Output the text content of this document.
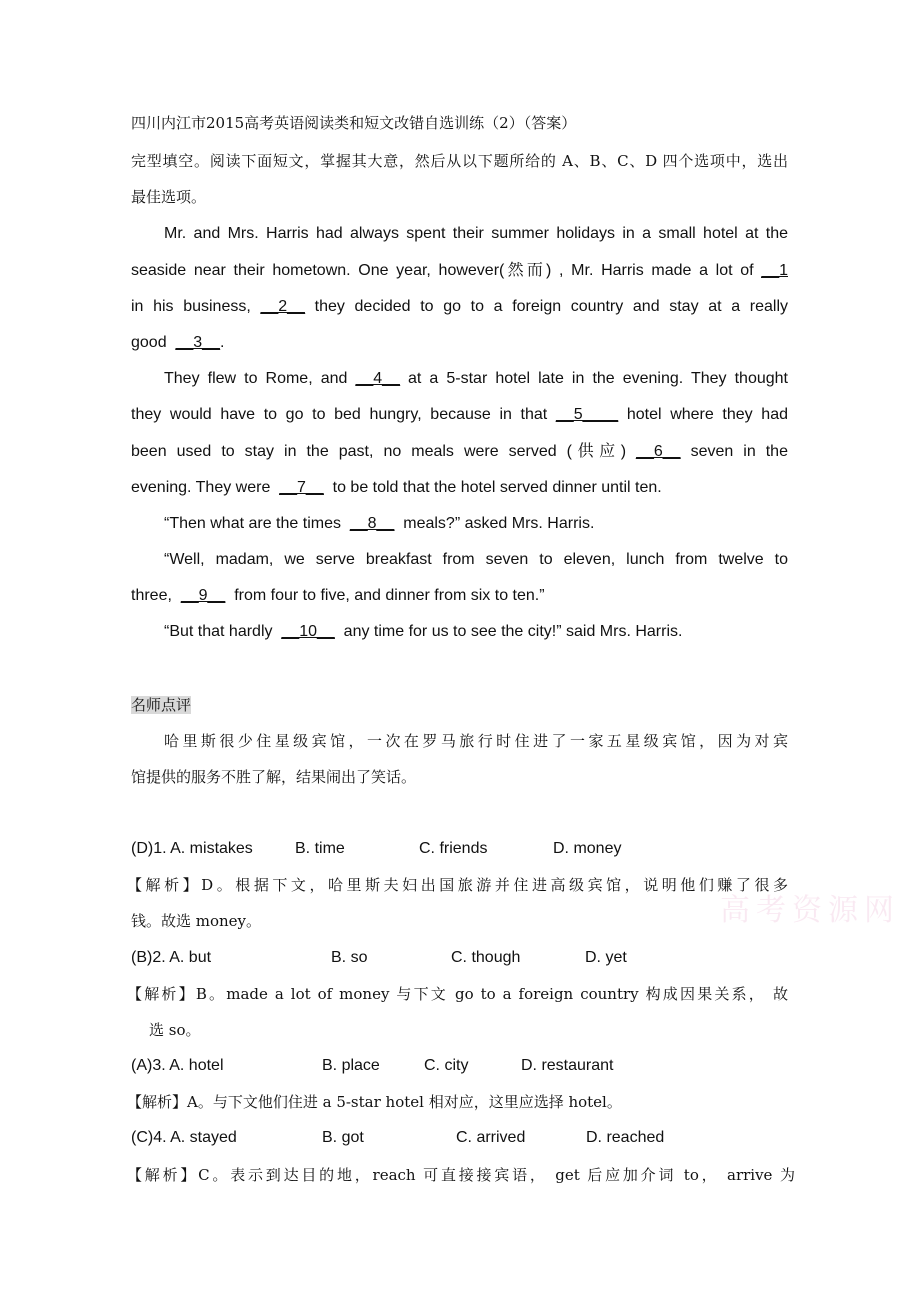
高考资源网
四川内江市2015高考英语阅读类和短文改错自选训练（2）（答案）
完型填空。阅读下面短文，掌握其大意，然后从以下题所给的 A、B、C、D 四个选项中，选出
最佳选项。
Mr. and Mrs. Harris had always spent their summer holidays in a small hotel at the
seaside near their hometown. One year, however(然而) , Mr. Harris made a lot of __1
in his business, __2__ they decided to go to a foreign country and stay at a really
good __3__.
They flew to Rome, and __4__ at a 5-star hotel late in the evening. They thought
they would have to go to bed hungry, because in that __5____ hotel where they had
been used to stay in the past, no meals were served (供应) __6__ seven in the
evening. They were __7__ to be told that the hotel served dinner until ten.
“Then what are the times __8__ meals?” asked Mrs. Harris.
“Well, madam, we serve breakfast from seven to eleven, lunch from twelve to
three, __9__ from four to five, and dinner from six to ten.”
“But that hardly __10__ any time for us to see the city!” said Mrs. Harris.
名师点评
哈里斯很少住星级宾馆，一次在罗马旅行时住进了一家五星级宾馆，因为对宾
馆提供的服务不胜了解，结果闹出了笑话。
(D)1. A. mistakes	B. time	C. friends	D. money
【解析】D。根据下文，哈里斯夫妇出国旅游并住进高级宾馆，说明他们赚了很多
钱。故选 money。
(B)2. A. but	B. so	C. though	D. yet
【解析】B。made a lot of money 与下文 go to a foreign country 构成因果关系， 故
选 so。
(A)3. A. hotel	B. place	C. city	D. restaurant
【解析】A。与下文他们住进 a 5-star hotel 相对应，这里应选择 hotel。
(C)4. A. stayed	B. got	C. arrived	D. reached
【解析】C。表示到达目的地，reach 可直接接宾语， get 后应加介词 to， arrive 为
